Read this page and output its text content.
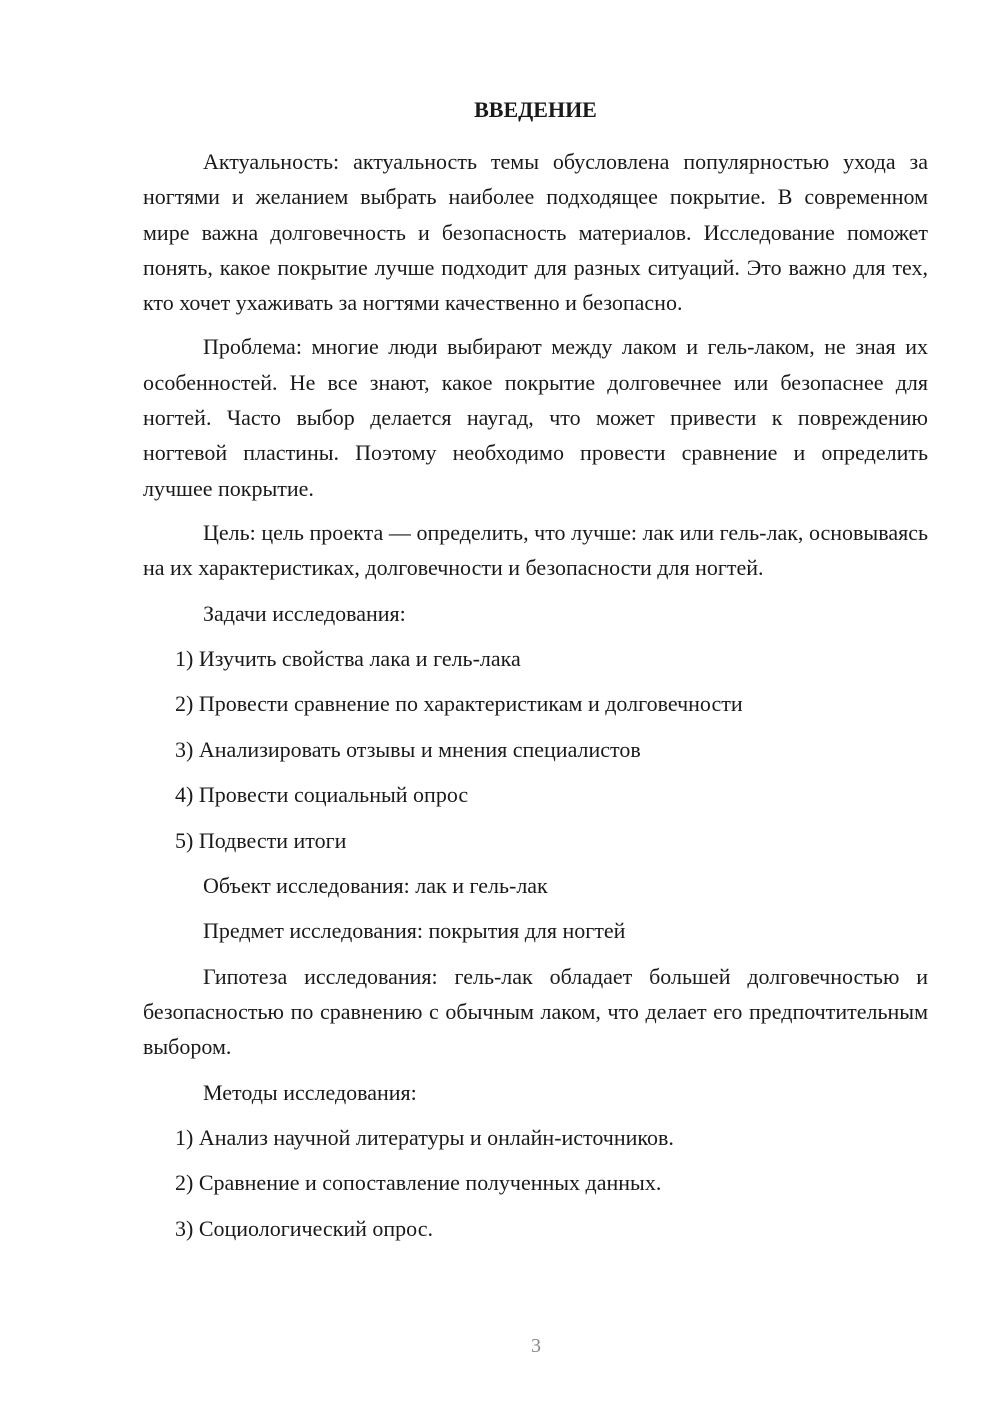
ВВЕДЕНИЕ

Актуальность: актуальность темы обусловлена популярностью ухода за ногтями и желанием выбрать наиболее подходящее покрытие. В современном мире важна долговечность и безопасность материалов. Исследование поможет понять, какое покрытие лучше подходит для разных ситуаций. Это важно для тех, кто хочет ухаживать за ногтями качественно и безопасно.

Проблема: многие люди выбирают между лаком и гель-лаком, не зная их особенностей. Не все знают, какое покрытие долговечнее или безопаснее для ногтей. Часто выбор делается наугад, что может привести к повреждению ногтевой пластины. Поэтому необходимо провести сравнение и определить лучшее покрытие.

Цель: цель проекта — определить, что лучше: лак или гель-лак, основываясь на их характеристиках, долговечности и безопасности для ногтей.

Задачи исследования:

1) Изучить свойства лака и гель-лака

2) Провести сравнение по характеристикам и долговечности

3) Анализировать отзывы и мнения специалистов

4) Провести социальный опрос

5) Подвести итоги

Объект исследования: лак и гель-лак

Предмет исследования: покрытия для ногтей

Гипотеза исследования: гель-лак обладает большей долговечностью и безопасностью по сравнению с обычным лаком, что делает его предпочтительным выбором.

Методы исследования:

1) Анализ научной литературы и онлайн-источников.

2) Сравнение и сопоставление полученных данных.

3) Социологический опрос.

3
